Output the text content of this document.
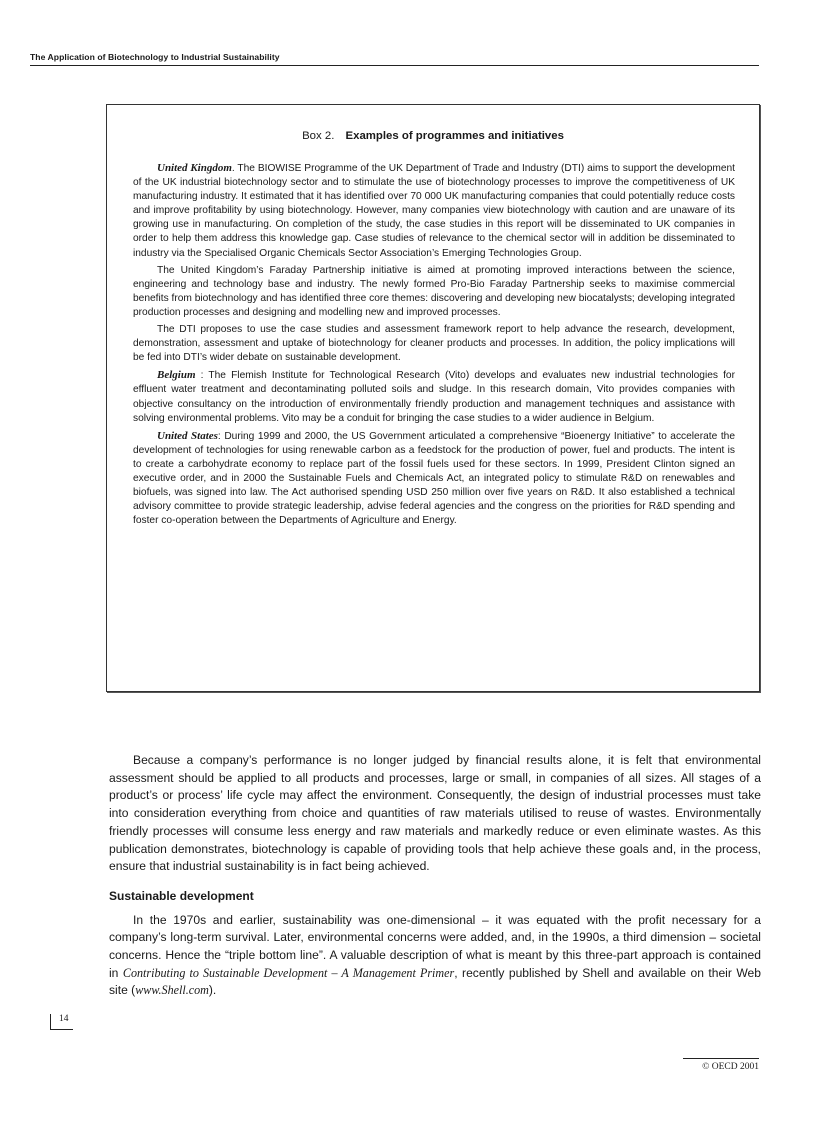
The Application of Biotechnology to Industrial Sustainability
Box 2. Examples of programmes and initiatives

United Kingdom. The BIOWISE Programme of the UK Department of Trade and Industry (DTI) aims to support the development of the UK industrial biotechnology sector and to stimulate the use of biotechnology processes to improve the competitiveness of UK manufacturing industry. It estimated that it has identified over 70 000 UK manufacturing companies that could potentially reduce costs and improve profitability by using biotechnology. However, many companies view biotechnology with caution and are unaware of its growing use in manufacturing. On completion of the study, the case studies in this report will be disseminated to UK companies in order to help them address this knowledge gap. Case studies of relevance to the chemical sector will in addition be disseminated to industry via the Specialised Organic Chemicals Sector Association’s Emerging Technologies Group.

The United Kingdom’s Faraday Partnership initiative is aimed at promoting improved interactions between the science, engineering and technology base and industry. The newly formed Pro-Bio Faraday Partnership seeks to maximise commercial benefits from biotechnology and has identified three core themes: discovering and developing new biocatalysts; developing integrated production processes and designing and modelling new and improved processes.

The DTI proposes to use the case studies and assessment framework report to help advance the research, development, demonstration, assessment and uptake of biotechnology for cleaner products and processes. In addition, the policy implications will be fed into DTI’s wider debate on sustainable development.

Belgium : The Flemish Institute for Technological Research (Vito) develops and evaluates new industrial technologies for effluent water treatment and decontaminating polluted soils and sludge. In this research domain, Vito provides companies with objective consultancy on the introduction of environmentally friendly production and management techniques and assistance with solving environmental problems. Vito may be a conduit for bringing the case studies to a wider audience in Belgium.

United States: During 1999 and 2000, the US Government articulated a comprehensive “Bioenergy Initiative” to accelerate the development of technologies for using renewable carbon as a feedstock for the production of power, fuel and products. The intent is to create a carbohydrate economy to replace part of the fossil fuels used for these sectors. In 1999, President Clinton signed an executive order, and in 2000 the Sustainable Fuels and Chemicals Act, an integrated policy to stimulate R&D on renewables and biofuels, was signed into law. The Act authorised spending USD 250 million over five years on R&D. It also established a technical advisory committee to provide strategic leadership, advise federal agencies and the congress on the priorities for R&D spending and foster co-operation between the Departments of Agriculture and Energy.

Because a company’s performance is no longer judged by financial results alone, it is felt that environmental assessment should be applied to all products and processes, large or small, in companies of all sizes. All stages of a product’s or process’ life cycle may affect the environment. Consequently, the design of industrial processes must take into consideration everything from choice and quantities of raw materials utilised to reuse of wastes. Environmentally friendly processes will consume less energy and raw materials and markedly reduce or even eliminate wastes. As this publication demonstrates, biotechnology is capable of providing tools that help achieve these goals and, in the process, ensure that industrial sustainability is in fact being achieved.

Sustainable development

In the 1970s and earlier, sustainability was one-dimensional – it was equated with the profit necessary for a company’s long-term survival. Later, environmental concerns were added, and, in the 1990s, a third dimension – societal concerns. Hence the “triple bottom line”. A valuable description of what is meant by this three-part approach is contained in Contributing to Sustainable Development – A Management Primer, recently published by Shell and available on their Web site (www.Shell.com).

14
© OECD 2001
